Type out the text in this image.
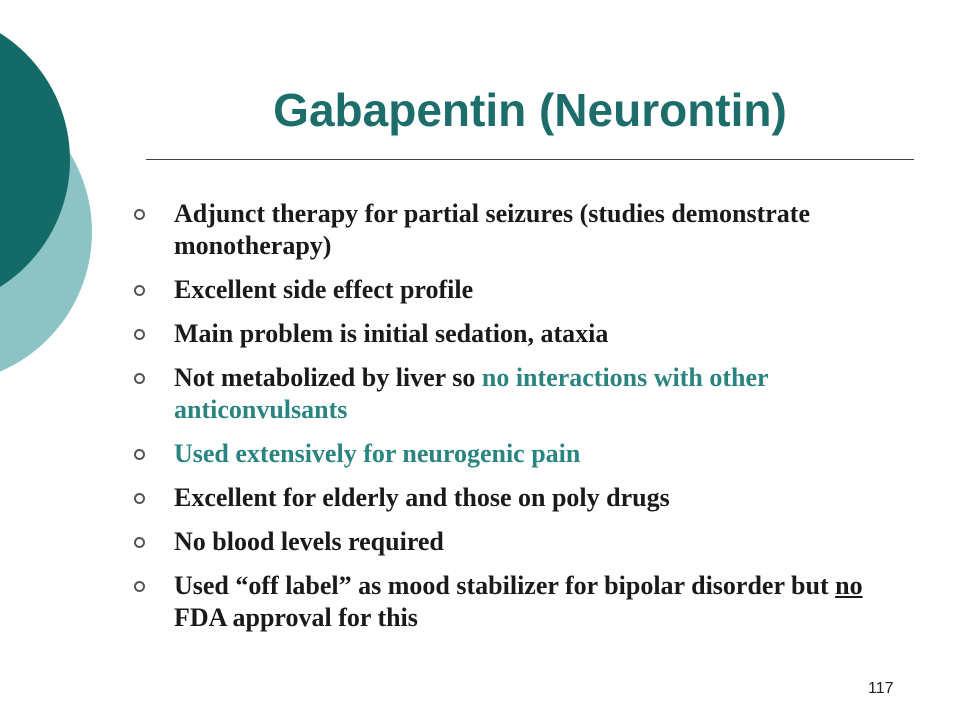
Gabapentin (Neurontin)
Adjunct therapy for partial seizures (studies demonstrate monotherapy)
Excellent side effect profile
Main problem is initial sedation, ataxia
Not metabolized by liver so no interactions with other anticonvulsants
Used extensively for neurogenic pain
Excellent for elderly and those on poly drugs
No blood levels required
Used “off label” as mood stabilizer for bipolar disorder but no FDA approval for this
117
